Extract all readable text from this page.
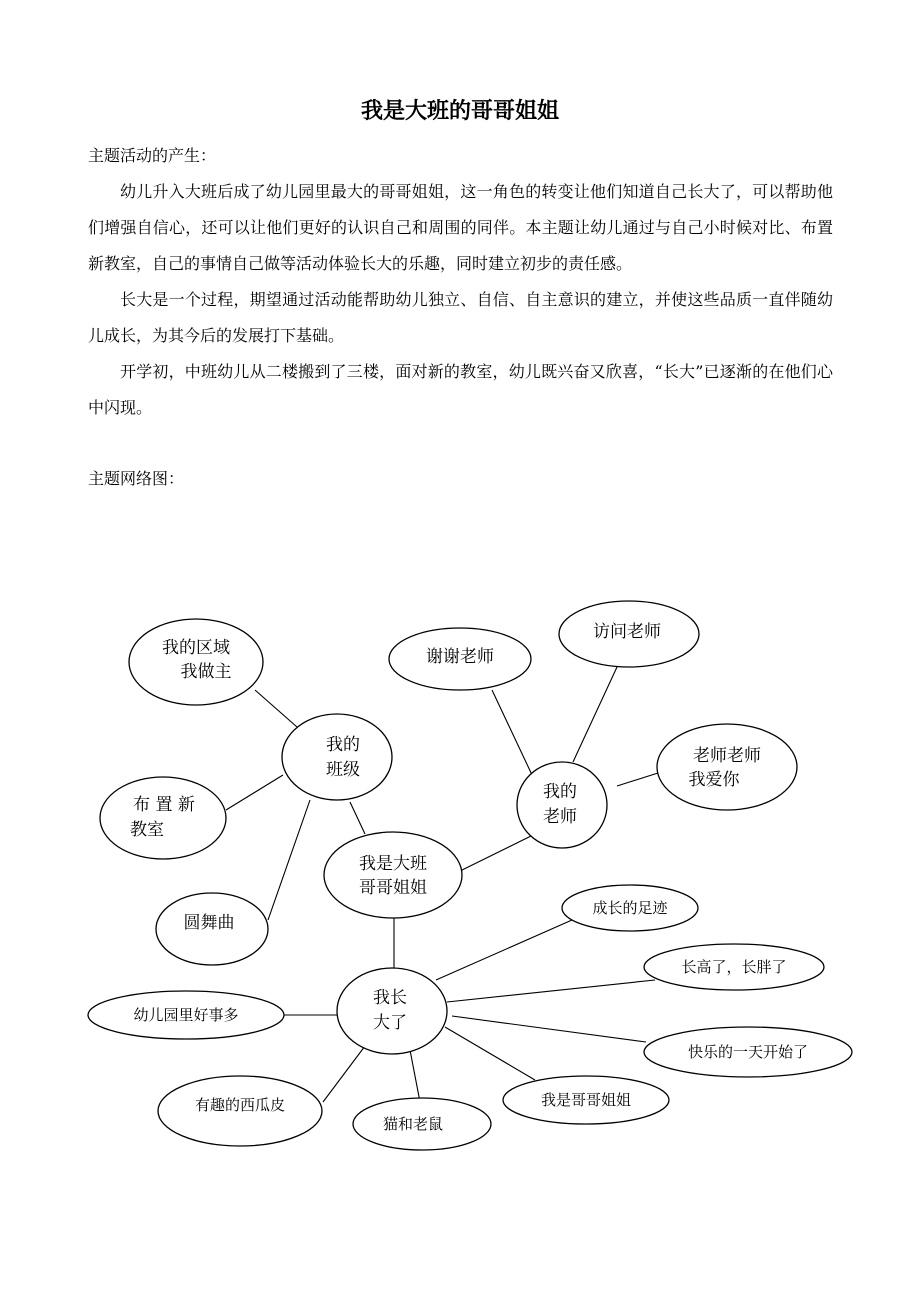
我是大班的哥哥姐姐

主题活动的产生：

幼儿升入大班后成了幼儿园里最大的哥哥姐姐，这一角色的转变让他们知道自己长大了，可以帮助他们增强自信心，还可以让他们更好的认识自己和周围的同伴。本主题让幼儿通过与自己小时候对比、布置新教室，自己的事情自己做等活动体验长大的乐趣，同时建立初步的责任感。

长大是一个过程，期望通过活动能帮助幼儿独立、自信、自主意识的建立，并使这些品质一直伴随幼儿成长，为其今后的发展打下基础。

开学初，中班幼儿从二楼搬到了三楼，面对新的教室，幼儿既兴奋又欣喜，“长大”已逐渐的在他们心中闪现。

主题网络图：

我是大班
哥哥姐姐
我的
班级
我的区域
我做主
布 置 新
教室
圆舞曲
我的
老师
谢谢老师
访问老师
老师老师
我爱你
我长
大了
成长的足迹
长高了，长胖了
快乐的一天开始了
我是哥哥姐姐
猫和老鼠
有趣的西瓜皮
幼儿园里好事多
